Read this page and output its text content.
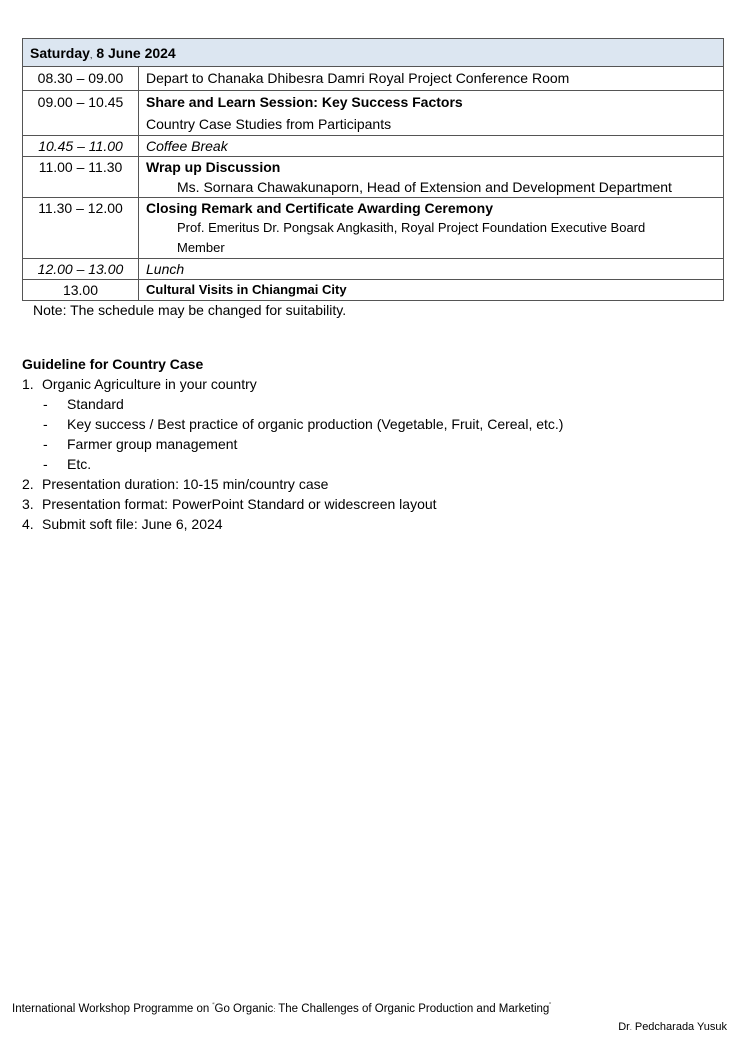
Saturday, 8 June 2024	
08.30 – 09.00	Depart to Chanaka Dhibesra Damri Royal Project Conference Room

09.00 – 10.45	Share and Learn Session: Key Success Factors
Country Case Studies from Participants

10.45 – 11.00	Coffee Break

11.00 – 11.30	Wrap up Discussion
Ms. Sornara Chawakunaporn, Head of Extension and Development Department

11.30 – 12.00	Closing Remark and Certificate Awarding Ceremony
Prof. Emeritus Dr. Pongsak Angkasith, Royal Project Foundation Executive Board
Member

12.00 – 13.00	Lunch

13.00	Cultural Visits in Chiangmai City
Note: The schedule may be changed for suitability.
Guideline for Country Case
1. Organic Agriculture in your country
- Standard
- Key success / Best practice of organic production (Vegetable, Fruit, Cereal, etc.)
- Farmer group management
- Etc.
2. Presentation duration: 10-15 min/country case
3. Presentation format: PowerPoint Standard or widescreen layout
4. Submit soft file: June 6, 2024
International Workshop Programme on “Go Organic: The Challenges of Organic Production and Marketing”
Dr. Pedcharada Yusuk
